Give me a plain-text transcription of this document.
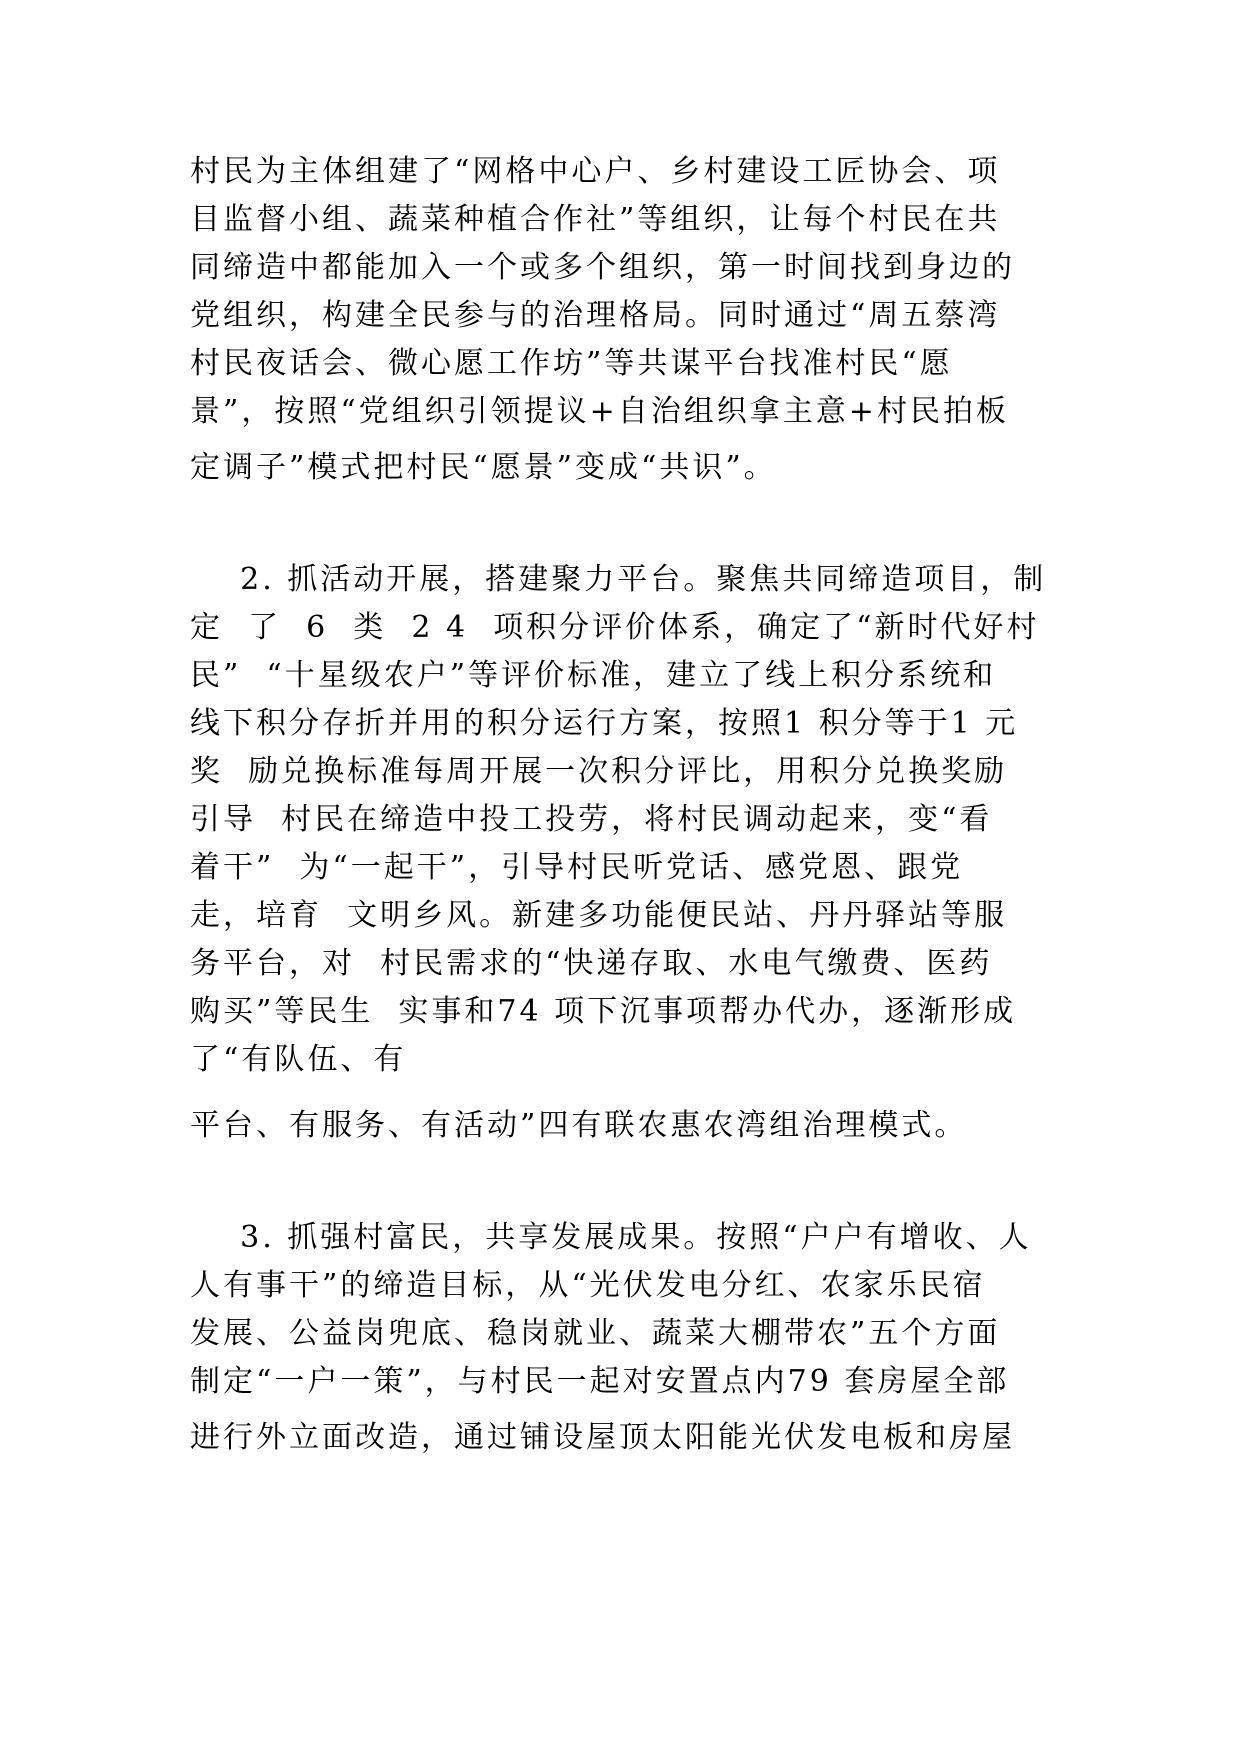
村民为主体组建了“网格中心户、乡村建设工匠协会、项
目监督小组、蔬菜种植合作社”等组织，让每个村民在共
同缔造中都能加入一个或多个组织，第一时间找到身边的
党组织，构建全民参与的治理格局。同时通过“周五蔡湾
村民夜话会、微心愿工作坊”等共谋平台找准村民“愿
景”，按照“党组织引领提议+自治组织拿主意+村民拍板
定调子”模式把村民“愿景”变成“共识”。
2. 抓活动开展，搭建聚力平台。聚焦共同缔造项目，制
定  了  6  类  2 4  项积分评价体系，确定了“新时代好村
民”  “十星级农户”等评价标准，建立了线上积分系统和
线下积分存折并用的积分运行方案，按照1 积分等于1 元
奖  励兑换标准每周开展一次积分评比，用积分兑换奖励
引导  村民在缔造中投工投劳，将村民调动起来，变“看
着干”  为“一起干”，引导村民听党话、感党恩、跟党
走，培育  文明乡风。新建多功能便民站、丹丹驿站等服
务平台，对  村民需求的“快递存取、水电气缴费、医药
购买”等民生  实事和74 项下沉事项帮办代办，逐渐形成
了“有队伍、有
平台、有服务、有活动”四有联农惠农湾组治理模式。
3. 抓强村富民，共享发展成果。按照“户户有增收、人
人有事干”的缔造目标，从“光伏发电分红、农家乐民宿
发展、公益岗兜底、稳岗就业、蔬菜大棚带农”五个方面
制定“一户一策”，与村民一起对安置点内79 套房屋全部
进行外立面改造，通过铺设屋顶太阳能光伏发电板和房屋
